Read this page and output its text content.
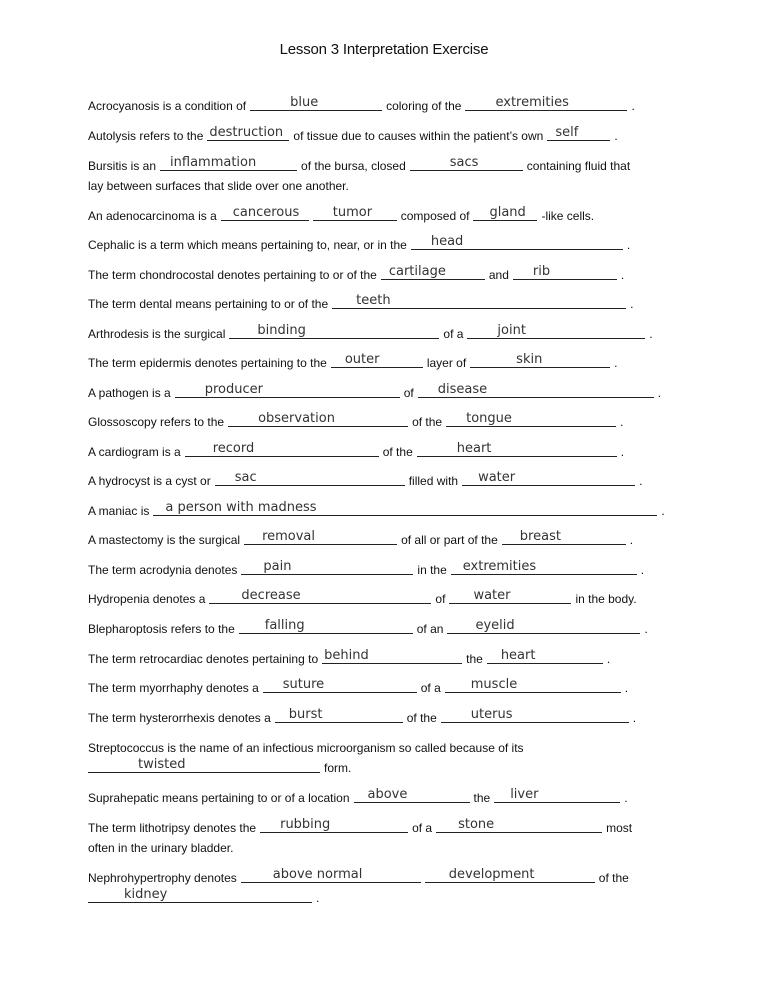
Lesson 3 Interpretation Exercise
Acrocyanosis is a condition of	blue	coloring of the	extremities	.
Autolysis refers to the destruction of tissue due to causes within the patient’s own self	.
Bursitis is an inflammation	of the bursa, closed	sacs	containing fluid that
lay between surfaces that slide over one another.
An adenocarcinoma is a cancerous	tumor composed of gland -like cells.
Cephalic is a term which means pertaining to, near, or in the head	.
The term chondrocostal denotes pertaining to or of the cartilage	and rib	.
The term dental means pertaining to or of the teeth	.
Arthrodesis is the surgical binding	of a	joint	.
The term epidermis denotes pertaining to the outer	layer of	skin	.
A pathogen is a	producer	of disease	.
Glossoscopy refers to the	observation	of the tongue	.
A cardiogram is a record	of the	heart	.
A hydrocyst is a cyst or sac	filled with water	.
A maniac is a person with madness	.
A mastectomy is the surgical removal	of all or part of the breast	.
The term acrodynia denotes pain	in the extremities	.
Hydropenia denotes a	decrease	of water	in the body.
Blepharoptosis refers to the falling	of an eyelid	.
The term retrocardiac denotes pertaining to behind	the heart	.
The term myorrhaphy denotes a suture	of a muscle	.
The term hysterorrhexis denotes a burst	of the	uterus	.
Streptococcus is the name of an infectious microorganism so called because of its
twisted	form.
Suprahepatic means pertaining to or of a location above	the liver	.
The term lithotripsy denotes the rubbing	of a stone	most
often in the urinary bladder.
Nephrohypertrophy denotes	above normal	development	of the
kidney	.
